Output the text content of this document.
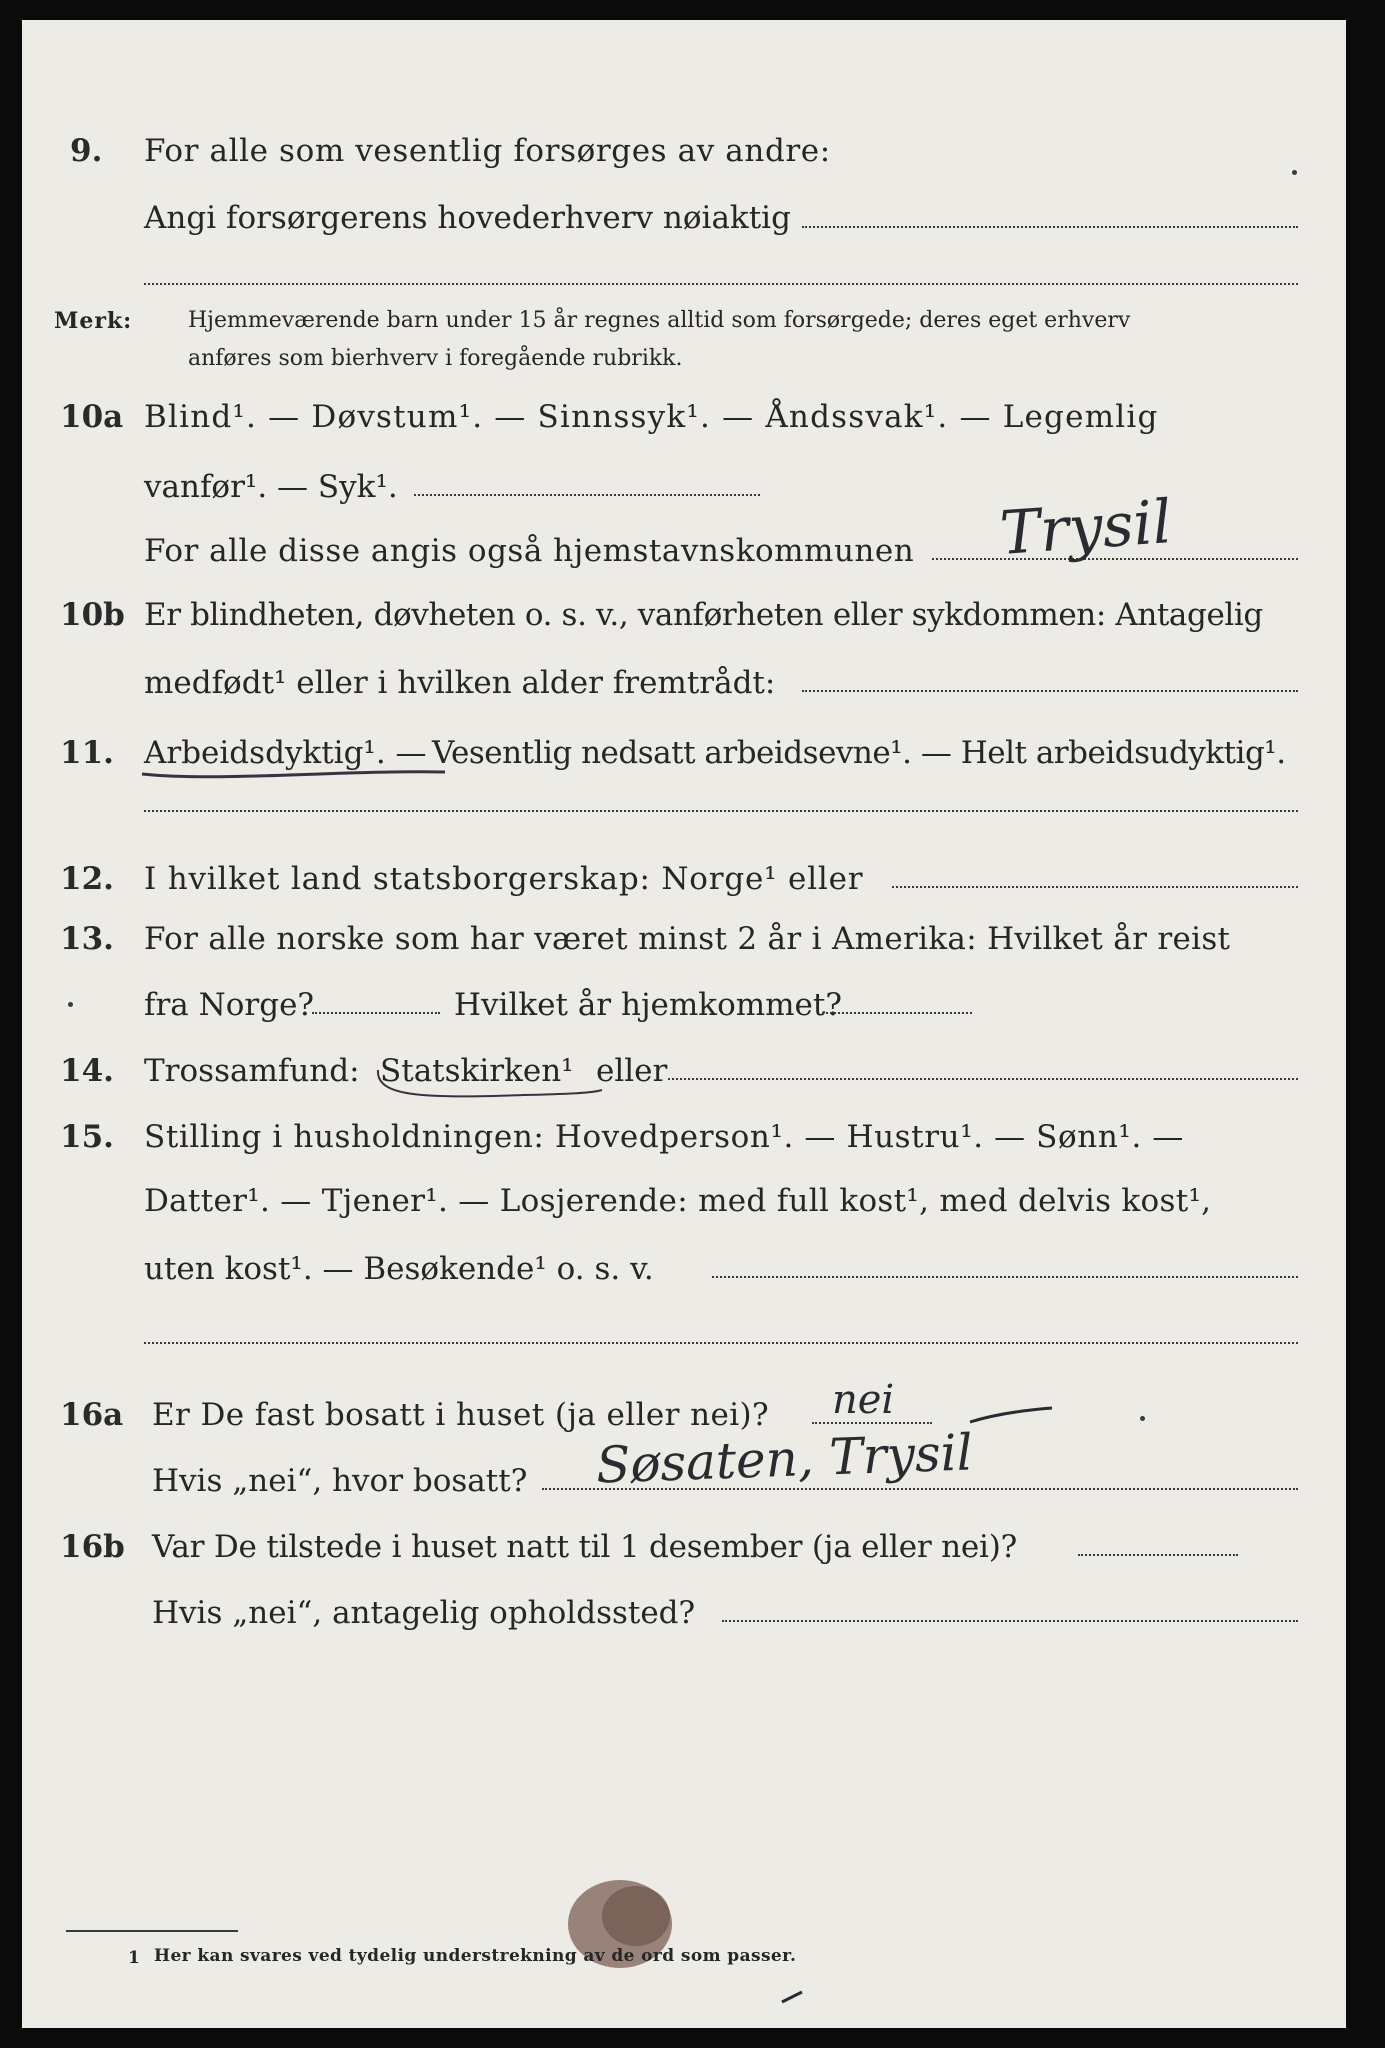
9. For alle som vesentlig forsørges av andre:
Angi forsørgerens hovederhverv nøiaktig
Merk:	Hjemmeværende barn under 15 år regnes alltid som forsørgede; deres eget erhverv
anføres som bierhverv i foregående rubrikk.
10a Blind¹. — Døvstum¹. — Sinnssyk¹. — Åndssvak¹. — Legemlig
vanfør¹. — Syk¹.
For alle disse angis også hjemstavnskommunen Trysil
10b Er blindheten, døvheten o. s. v., vanførheten eller sykdommen: Antagelig
medfødt¹ eller i hvilken alder fremtrådt:
11. Arbeidsdyktig¹. — Vesentlig nedsatt arbeidsevne¹. — Helt arbeidsudyktig¹.
12. I hvilket land statsborgerskap: Norge¹ eller
13. For alle norske som har været minst 2 år i Amerika: Hvilket år reist
fra Norge?	Hvilket år hjemkommet?
14. Trossamfund: Statskirken¹ eller
15. Stilling i husholdningen: Hovedperson¹. — Hustru¹. — Sønn¹. —
Datter¹. — Tjener¹. — Losjerende: med full kost¹, med delvis kost¹,
uten kost¹. — Besøkende¹ o. s. v.
16a Er De fast bosatt i huset (ja eller nei)? nei
Hvis „nei“, hvor bosatt? Søsaten, Trysil
16b Var De tilstede i huset natt til 1 desember (ja eller nei)?
Hvis „nei“, antagelig opholdssted?
1 Her kan svares ved tydelig understrekning av de ord som passer.
